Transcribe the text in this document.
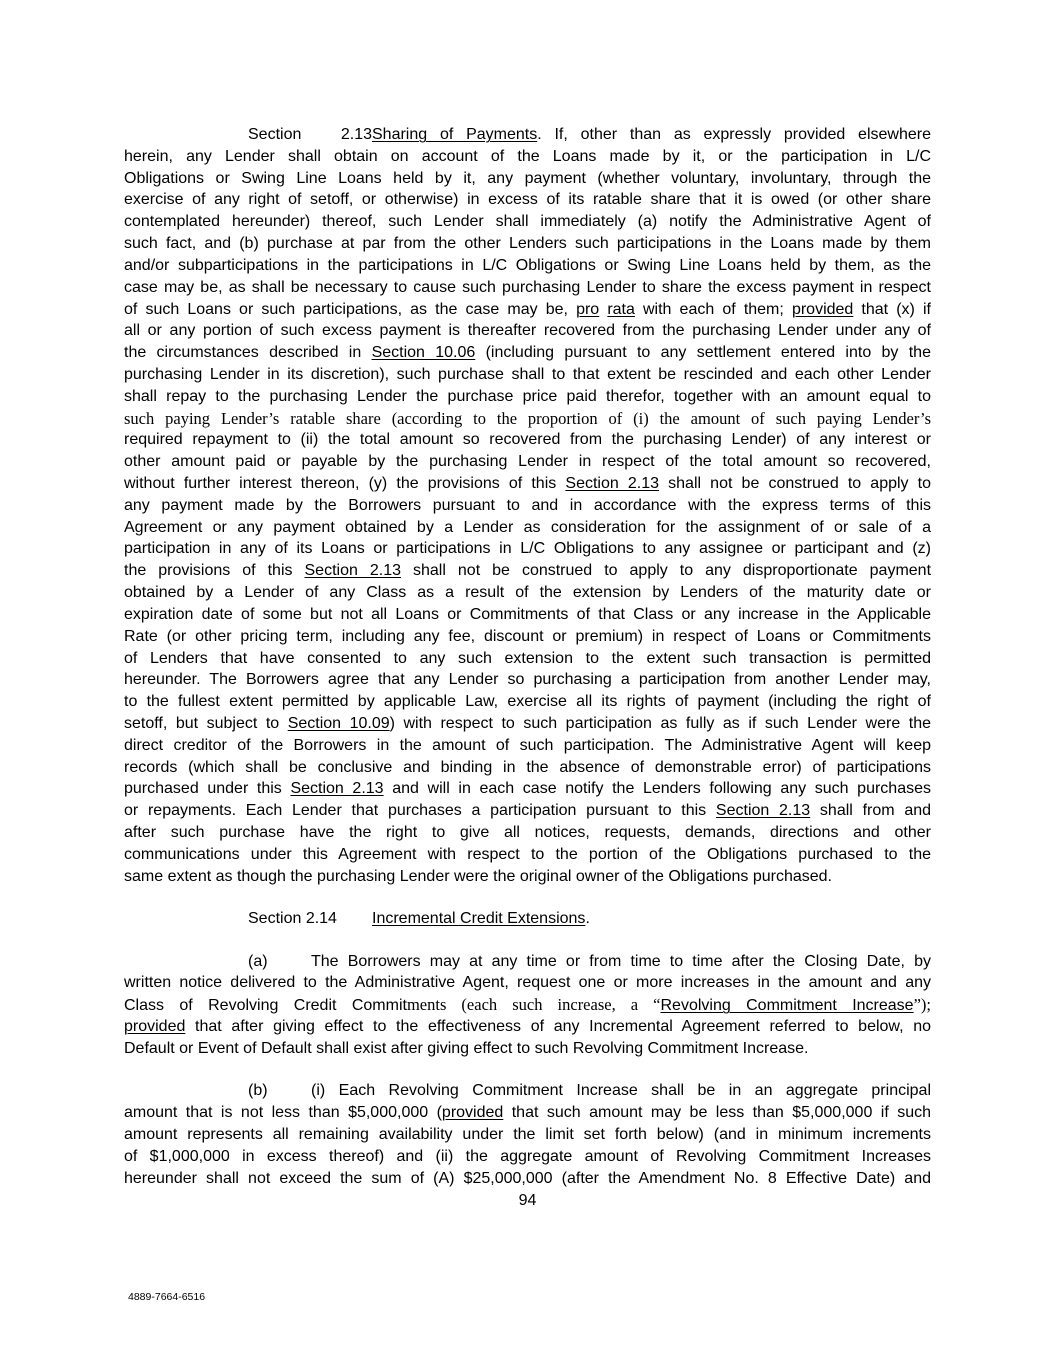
Section 2.13Sharing of Payments. If, other than as expressly provided elsewhere
herein, any Lender shall obtain on account of the Loans made by it, or the participation in L/C
Obligations or Swing Line Loans held by it, any payment (whether voluntary, involuntary, through the
exercise of any right of setoff, or otherwise) in excess of its ratable share that it is owed (or other share
contemplated hereunder) thereof, such Lender shall immediately (a) notify the Administrative Agent of
such fact, and (b) purchase at par from the other Lenders such participations in the Loans made by them
and/or subparticipations in the participations in L/C Obligations or Swing Line Loans held by them, as the
case may be, as shall be necessary to cause such purchasing Lender to share the excess payment in respect
of such Loans or such participations, as the case may be, pro rata with each of them; provided that (x) if
all or any portion of such excess payment is thereafter recovered from the purchasing Lender under any of
the circumstances described in Section 10.06 (including pursuant to any settlement entered into by the
purchasing Lender in its discretion), such purchase shall to that extent be rescinded and each other Lender
shall repay to the purchasing Lender the purchase price paid therefor, together with an amount equal to
such paying Lender’s ratable share (according to the proportion of (i) the amount of such paying Lender’s
required repayment to (ii) the total amount so recovered from the purchasing Lender) of any interest or
other amount paid or payable by the purchasing Lender in respect of the total amount so recovered,
without further interest thereon, (y) the provisions of this Section 2.13 shall not be construed to apply to
any payment made by the Borrowers pursuant to and in accordance with the express terms of this
Agreement or any payment obtained by a Lender as consideration for the assignment of or sale of a
participation in any of its Loans or participations in L/C Obligations to any assignee or participant and (z)
the provisions of this Section 2.13 shall not be construed to apply to any disproportionate payment
obtained by a Lender of any Class as a result of the extension by Lenders of the maturity date or
expiration date of some but not all Loans or Commitments of that Class or any increase in the Applicable
Rate (or other pricing term, including any fee, discount or premium) in respect of Loans or Commitments
of Lenders that have consented to any such extension to the extent such transaction is permitted
hereunder. The Borrowers agree that any Lender so purchasing a participation from another Lender may,
to the fullest extent permitted by applicable Law, exercise all its rights of payment (including the right of
setoff, but subject to Section 10.09) with respect to such participation as fully as if such Lender were the
direct creditor of the Borrowers in the amount of such participation. The Administrative Agent will keep
records (which shall be conclusive and binding in the absence of demonstrable error) of participations
purchased under this Section 2.13 and will in each case notify the Lenders following any such purchases
or repayments. Each Lender that purchases a participation pursuant to this Section 2.13 shall from and
after such purchase have the right to give all notices, requests, demands, directions and other
communications under this Agreement with respect to the portion of the Obligations purchased to the
same extent as though the purchasing Lender were the original owner of the Obligations purchased.
Section 2.14 Incremental Credit Extensions.
(a)	The Borrowers may at any time or from time to time after the Closing Date, by
written notice delivered to the Administrative Agent, request one or more increases in the amount and any
Class of Revolving Credit Commitments (each such increase, a “Revolving Commitment Increase”);
provided that after giving effect to the effectiveness of any Incremental Agreement referred to below, no
Default or Event of Default shall exist after giving effect to such Revolving Commitment Increase.
(b)	(i) Each Revolving Commitment Increase shall be in an aggregate principal
amount that is not less than $5,000,000 (provided that such amount may be less than $5,000,000 if such
amount represents all remaining availability under the limit set forth below) (and in minimum increments
of $1,000,000 in excess thereof) and (ii) the aggregate amount of Revolving Commitment Increases
hereunder shall not exceed the sum of (A) $25,000,000 (after the Amendment No. 8 Effective Date) and
94
4889-7664-6516
